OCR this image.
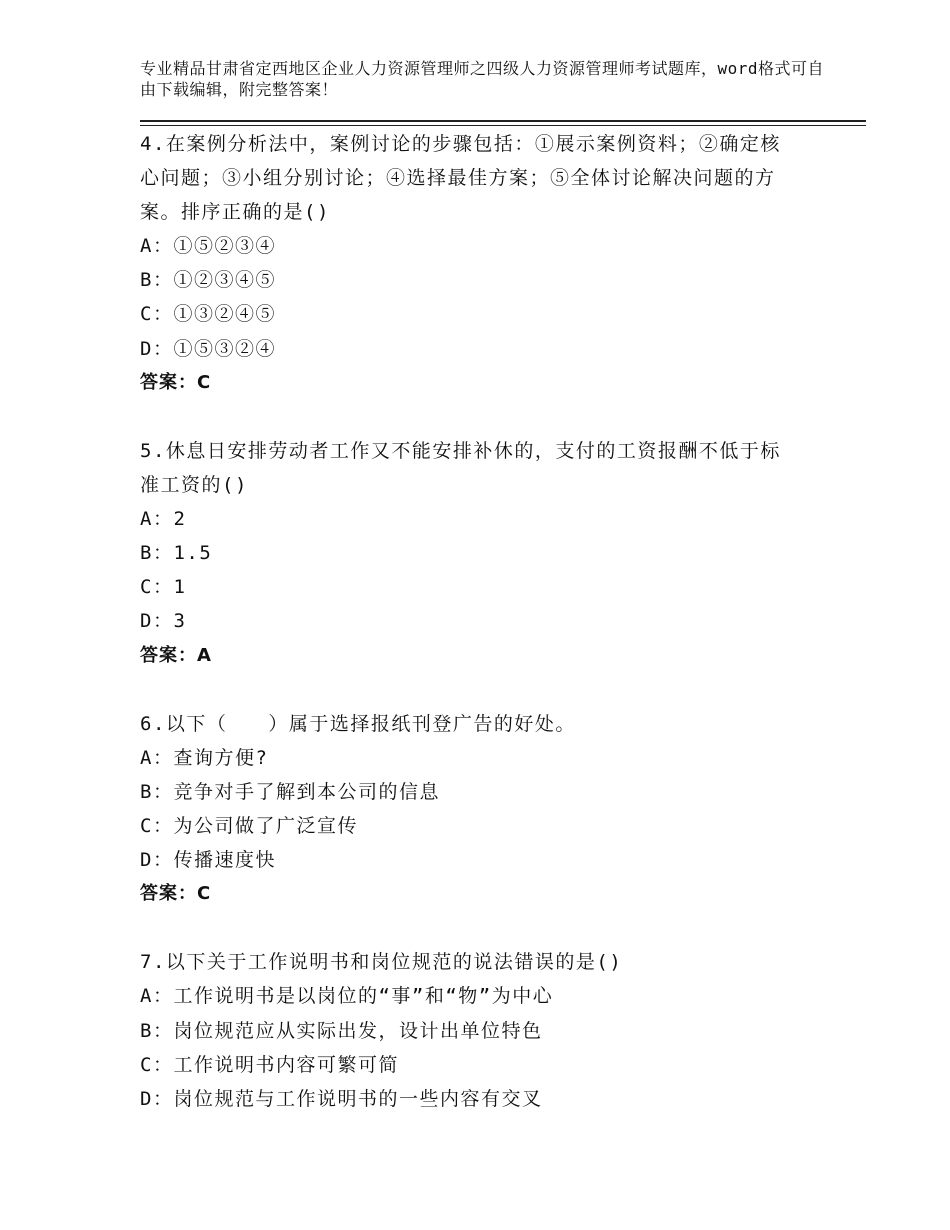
专业精品甘肃省定西地区企业人力资源管理师之四级人力资源管理师考试题库，word格式可自由下载编辑，附完整答案！
4.在案例分析法中，案例讨论的步骤包括：①展示案例资料；②确定核心问题；③小组分别讨论；④选择最佳方案；⑤全体讨论解决问题的方案。排序正确的是()
A：①⑤②③④
B：①②③④⑤
C：①③②④⑤
D：①⑤③②④
答案：C
5.休息日安排劳动者工作又不能安排补休的，支付的工资报酬不低于标准工资的()
A：2
B：1.5
C：1
D：3
答案：A
6.以下（　　）属于选择报纸刊登广告的好处。
A：查询方便?
B：竞争对手了解到本公司的信息
C：为公司做了广泛宣传
D：传播速度快
答案：C
7.以下关于工作说明书和岗位规范的说法错误的是()
A：工作说明书是以岗位的“事”和“物”为中心
B：岗位规范应从实际出发，设计出单位特色
C：工作说明书内容可繁可简
D：岗位规范与工作说明书的一些内容有交叉
